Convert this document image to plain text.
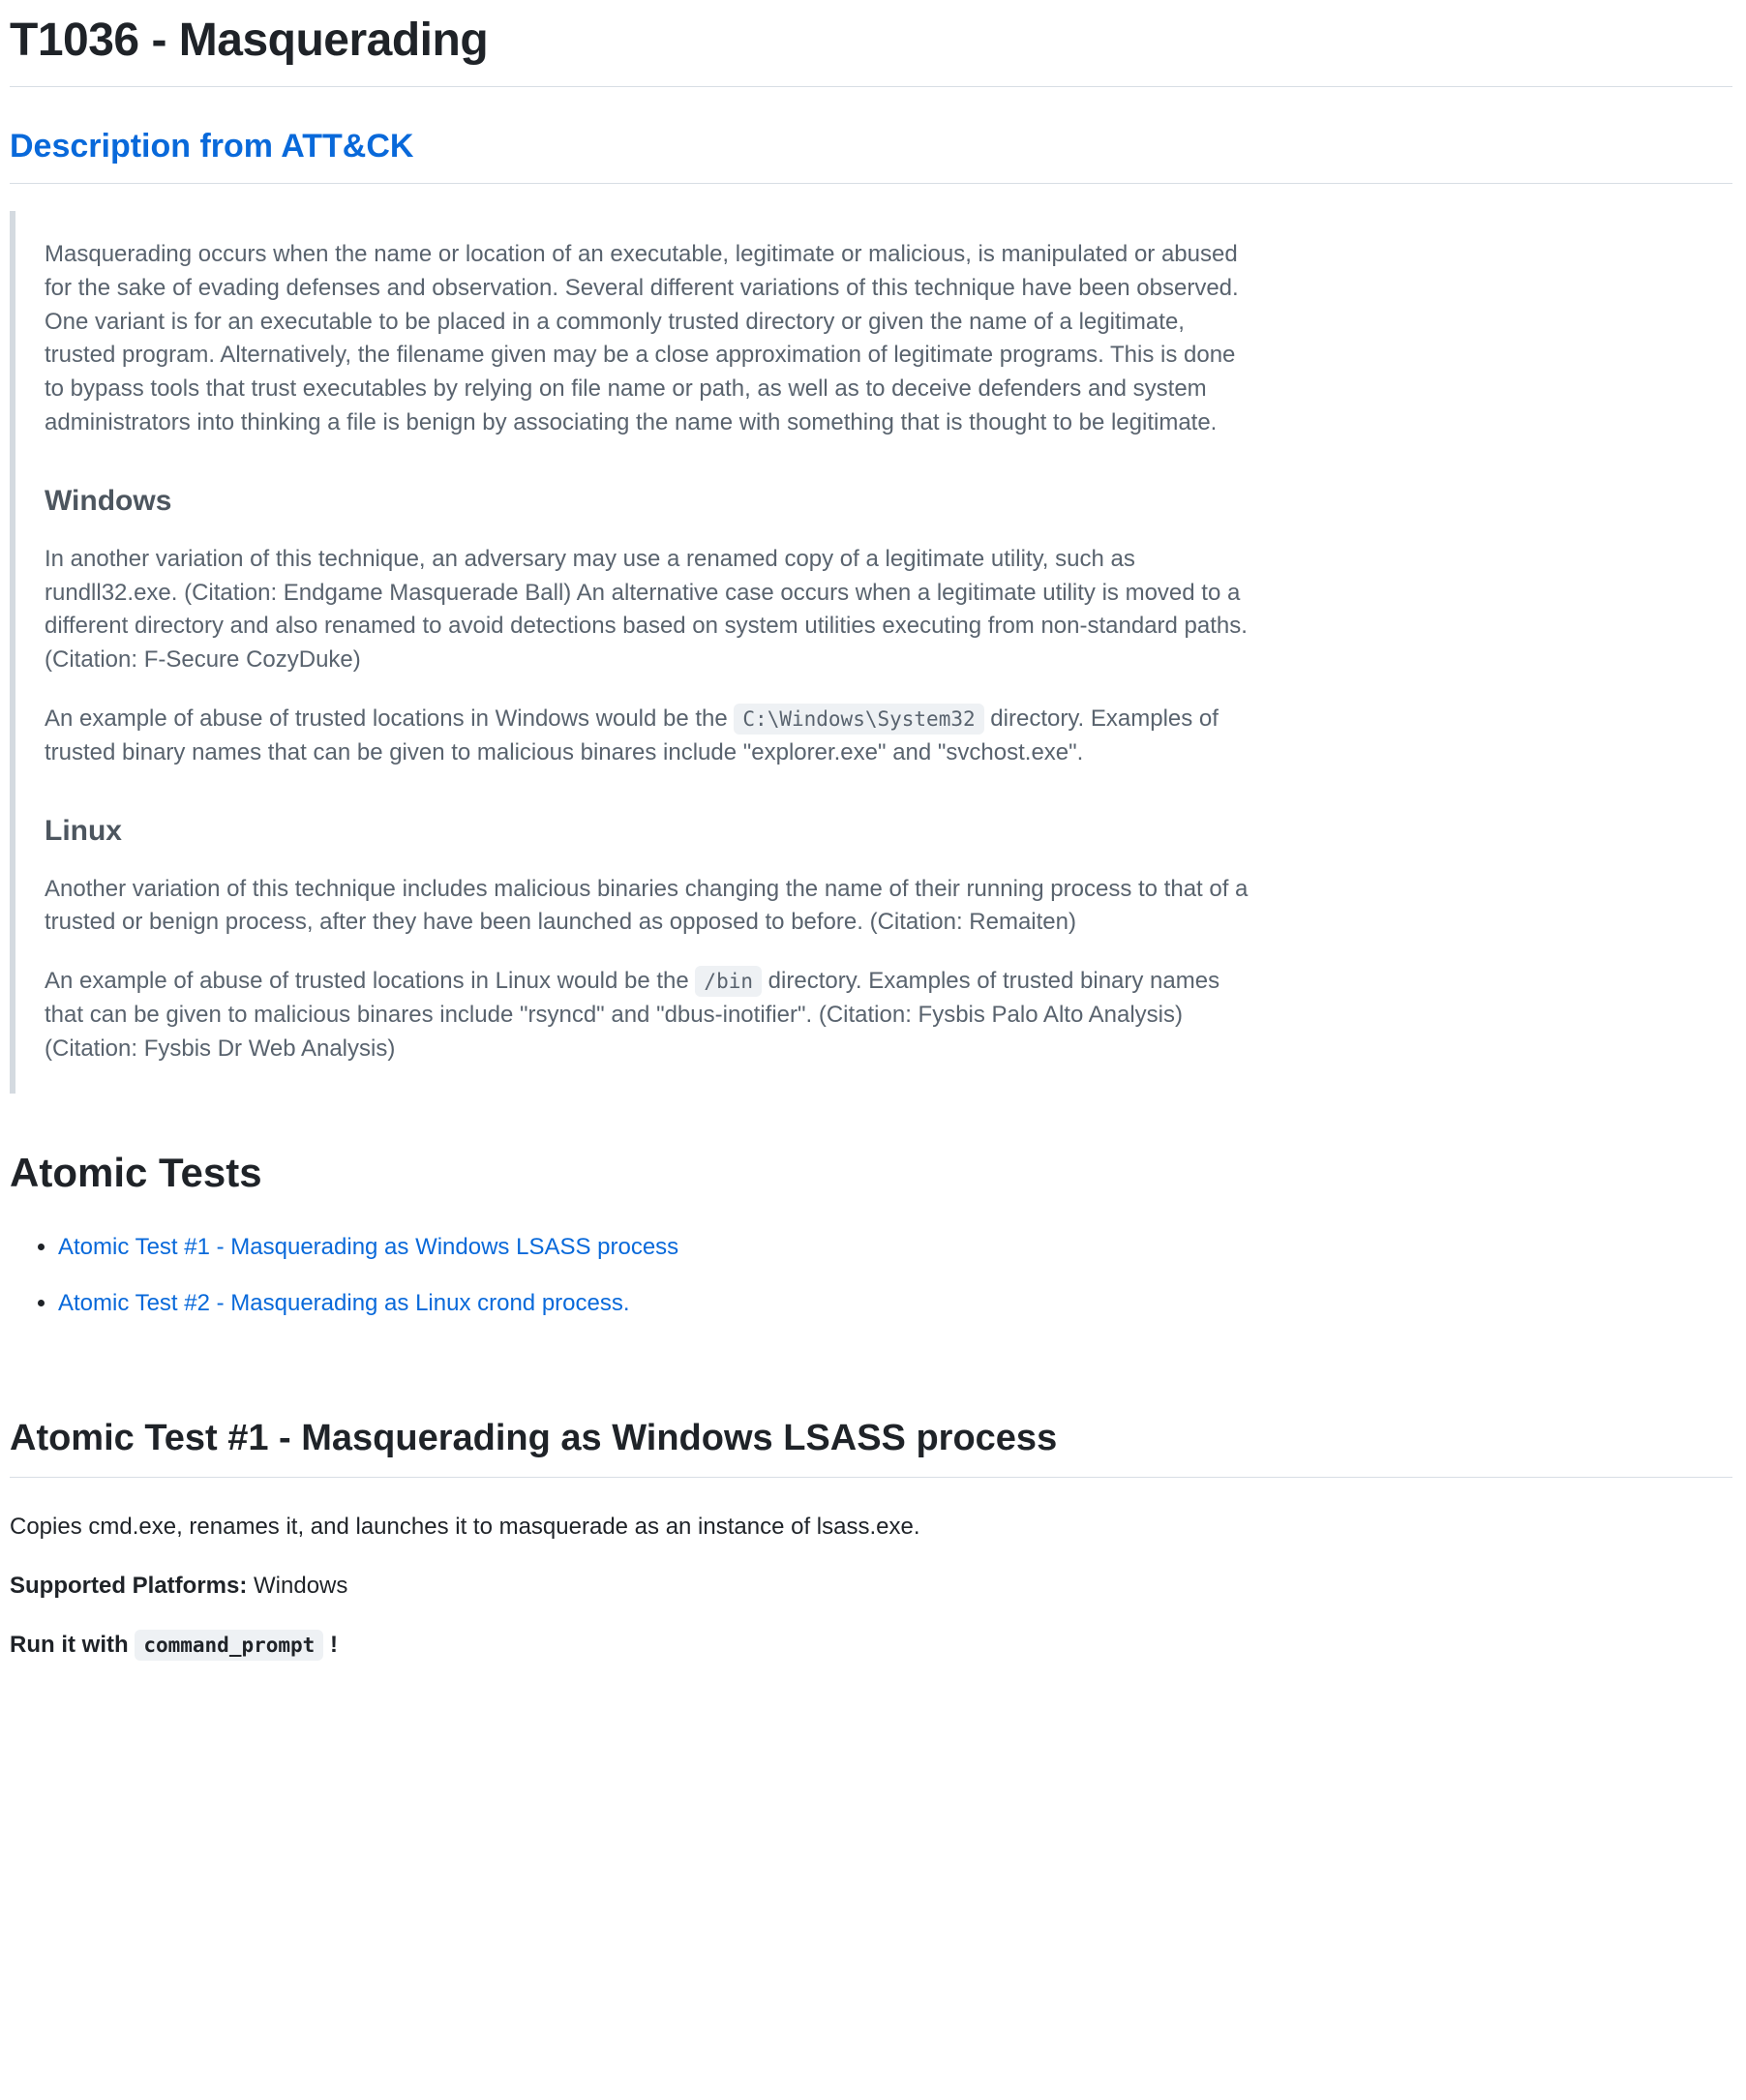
T1036 - Masquerading
Description from ATT&CK

Masquerading occurs when the name or location of an executable, legitimate or malicious, is manipulated or abused for the sake of evading defenses and observation. Several different variations of this technique have been observed. One variant is for an executable to be placed in a commonly trusted directory or given the name of a legitimate, trusted program. Alternatively, the filename given may be a close approximation of legitimate programs. This is done to bypass tools that trust executables by relying on file name or path, as well as to deceive defenders and system administrators into thinking a file is benign by associating the name with something that is thought to be legitimate.

Windows

In another variation of this technique, an adversary may use a renamed copy of a legitimate utility, such as rundll32.exe. (Citation: Endgame Masquerade Ball) An alternative case occurs when a legitimate utility is moved to a different directory and also renamed to avoid detections based on system utilities executing from non-standard paths. (Citation: F-Secure CozyDuke)

An example of abuse of trusted locations in Windows would be the C:\Windows\System32 directory. Examples of trusted binary names that can be given to malicious binares include "explorer.exe" and "svchost.exe".

Linux

Another variation of this technique includes malicious binaries changing the name of their running process to that of a trusted or benign process, after they have been launched as opposed to before. (Citation: Remaiten)

An example of abuse of trusted locations in Linux would be the /bin directory. Examples of trusted binary names that can be given to malicious binares include "rsyncd" and "dbus-inotifier". (Citation: Fysbis Palo Alto Analysis) (Citation: Fysbis Dr Web Analysis)

Atomic Tests
• Atomic Test #1 - Masquerading as Windows LSASS process
• Atomic Test #2 - Masquerading as Linux crond process.
Atomic Test #1 - Masquerading as Windows LSASS process

Copies cmd.exe, renames it, and launches it to masquerade as an instance of lsass.exe.

Supported Platforms: Windows

Run it with command_prompt !
